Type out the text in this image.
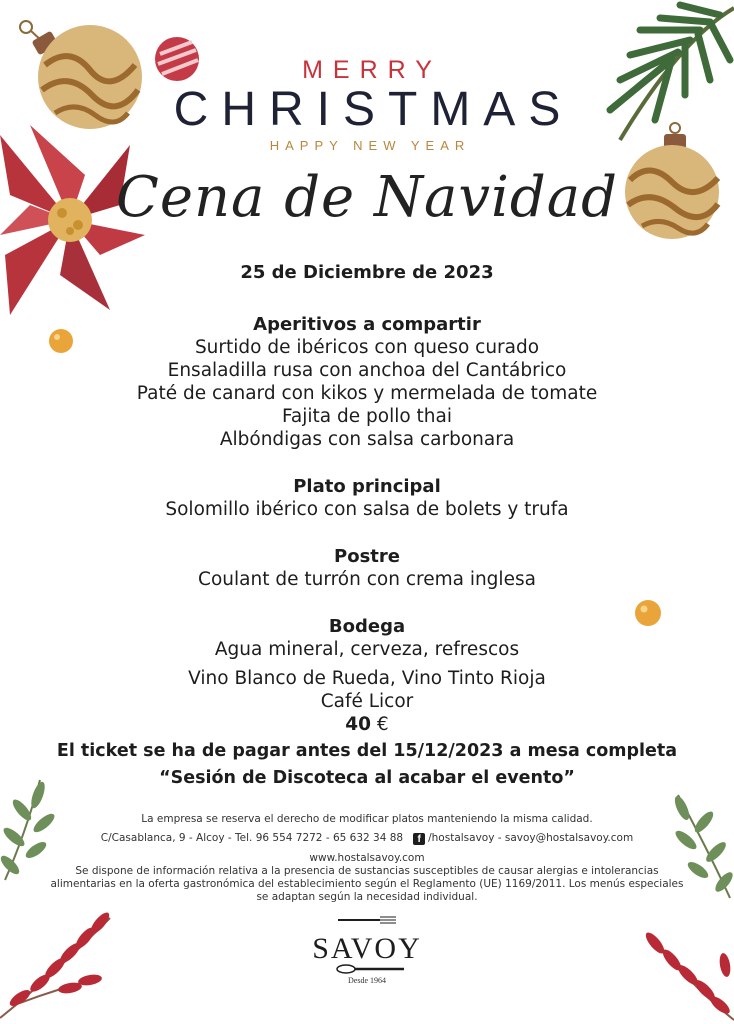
MERRY
CHRISTMAS
HAPPY NEW YEAR
Cena de Navidad
25 de Diciembre de 2023

Aperitivos a compartir

Surtido de ibéricos con queso curado

Ensaladilla rusa con anchoa del Cantábrico

Paté de canard con kikos y mermelada de tomate

Fajita de pollo thai

Albóndigas con salsa carbonara

Plato principal

Solomillo ibérico con salsa de bolets y trufa

Postre

Coulant de turrón con crema inglesa

Bodega

Agua mineral, cerveza, refrescos

Vino Blanco de Rueda, Vino Tinto Rioja

Café Licor

40 €

El ticket se ha de pagar antes del 15/12/2023 a mesa completa
“Sesión de Discoteca al acabar el evento”
La empresa se reserva el derecho de modificar platos manteniendo la misma calidad.
C/Casablanca, 9 - Alcoy - Tel. 96 554 7272 - 65 632 34 88 f /hostalsavoy - savoy@hostalsavoy.com
www.hostalsavoy.com
Se dispone de información relativa a la presencia de sustancias susceptibles de causar alergias e intolerancias alimentarias en la oferta gastronómica del establecimiento según el Reglamento (UE) 1169/2011. Los menús especiales se adaptan según la necesidad individual.
SAVOY
Desde 1964
